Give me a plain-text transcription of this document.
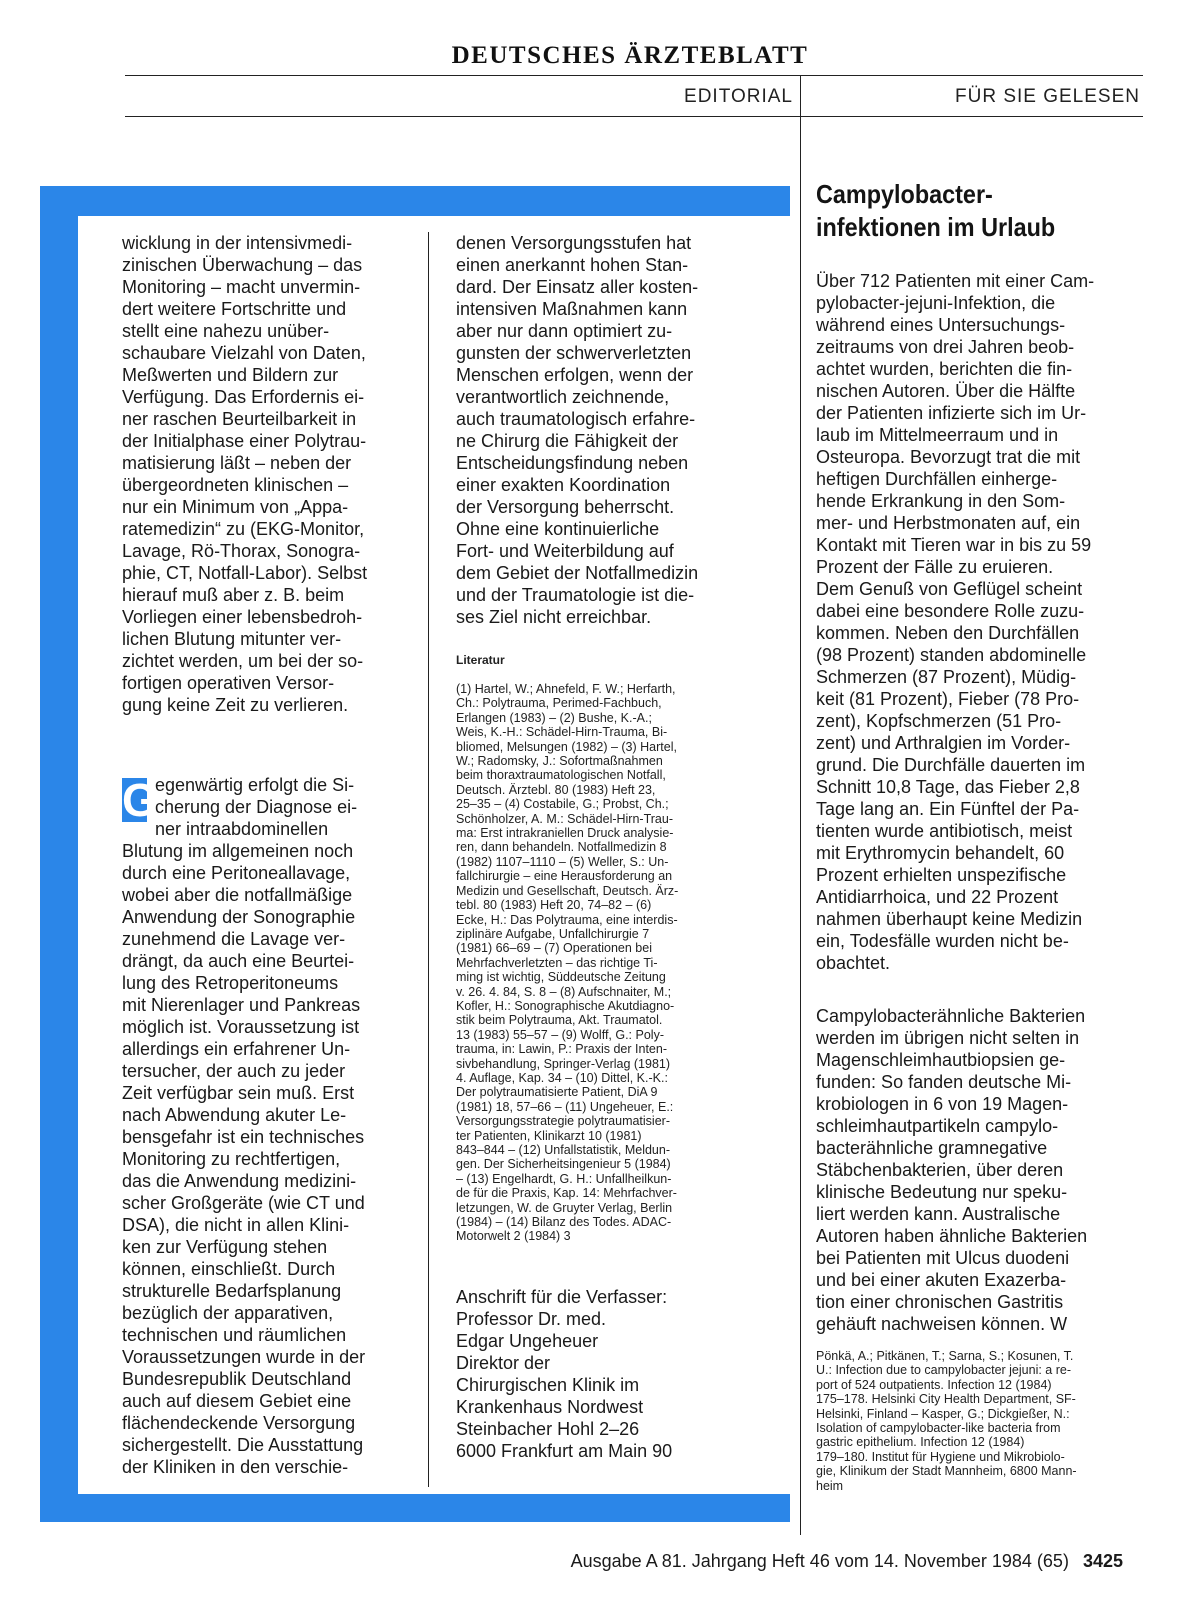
DEUTSCHES ÄRZTEBLATT
EDITORIAL	FÜR SIE GELESEN
wicklung in der intensivmedi-
zinischen Überwachung – das
Monitoring – macht unvermin-
dert weitere Fortschritte und
stellt eine nahezu unüber-
schaubare Vielzahl von Daten,
Meßwerten und Bildern zur
Verfügung. Das Erfordernis ei-
ner raschen Beurteilbarkeit in
der Initialphase einer Polytrau-
matisierung läßt – neben der
übergeordneten klinischen –
nur ein Minimum von „Appa-
ratemedizin“ zu (EKG-Monitor,
Lavage, Rö-Thorax, Sonogra-
phie, CT, Notfall-Labor). Selbst
hierauf muß aber z. B. beim
Vorliegen einer lebensbedroh-
lichen Blutung mitunter ver-
zichtet werden, um bei der so-
fortigen operativen Versor-
gung keine Zeit zu verlieren.

G
egenwärtig erfolgt die Si-
cherung der Diagnose ei-
ner intraabdominellen
Blutung im allgemeinen noch
durch eine Peritoneallavage,
wobei aber die notfallmäßige
Anwendung der Sonographie
zunehmend die Lavage ver-
drängt, da auch eine Beurtei-
lung des Retroperitoneums
mit Nierenlager und Pankreas
möglich ist. Voraussetzung ist
allerdings ein erfahrener Un-
tersucher, der auch zu jeder
Zeit verfügbar sein muß. Erst
nach Abwendung akuter Le-
bensgefahr ist ein technisches
Monitoring zu rechtfertigen,
das die Anwendung medizini-
scher Großgeräte (wie CT und
DSA), die nicht in allen Klini-
ken zur Verfügung stehen
können, einschließt. Durch
strukturelle Bedarfsplanung
bezüglich der apparativen,
technischen und räumlichen
Voraussetzungen wurde in der
Bundesrepublik Deutschland
auch auf diesem Gebiet eine
flächendeckende Versorgung
sichergestellt. Die Ausstattung
der Kliniken in den verschie-

denen Versorgungsstufen hat
einen anerkannt hohen Stan-
dard. Der Einsatz aller kosten-
intensiven Maßnahmen kann
aber nur dann optimiert zu-
gunsten der schwerverletzten
Menschen erfolgen, wenn der
verantwortlich zeichnende,
auch traumatologisch erfahre-
ne Chirurg die Fähigkeit der
Entscheidungsfindung neben
einer exakten Koordination
der Versorgung beherrscht.
Ohne eine kontinuierliche
Fort- und Weiterbildung auf
dem Gebiet der Notfallmedizin
und der Traumatologie ist die-
ses Ziel nicht erreichbar.
Literatur
(1) Hartel, W.; Ahnefeld, F. W.; Herfarth,
Ch.: Polytrauma, Perimed-Fachbuch,
Erlangen (1983) – (2) Bushe, K.-A.;
Weis, K.-H.: Schädel-Hirn-Trauma, Bi-
bliomed, Melsungen (1982) – (3) Hartel,
W.; Radomsky, J.: Sofortmaßnahmen
beim thoraxtraumatologischen Notfall,
Deutsch. Ärztebl. 80 (1983) Heft 23,
25–35 – (4) Costabile, G.; Probst, Ch.;
Schönholzer, A. M.: Schädel-Hirn-Trau-
ma: Erst intrakraniellen Druck analysie-
ren, dann behandeln. Notfallmedizin 8
(1982) 1107–1110 – (5) Weller, S.: Un-
fallchirurgie – eine Herausforderung an
Medizin und Gesellschaft, Deutsch. Ärz-
tebl. 80 (1983) Heft 20, 74–82 – (6)
Ecke, H.: Das Polytrauma, eine interdis-
ziplinäre Aufgabe, Unfallchirurgie 7
(1981) 66–69 – (7) Operationen bei
Mehrfachverletzten – das richtige Ti-
ming ist wichtig, Süddeutsche Zeitung
v. 26. 4. 84, S. 8 – (8) Aufschnaiter, M.;
Kofler, H.: Sonographische Akutdiagno-
stik beim Polytrauma, Akt. Traumatol.
13 (1983) 55–57 – (9) Wolff, G.: Poly-
trauma, in: Lawin, P.: Praxis der Inten-
sivbehandlung, Springer-Verlag (1981)
4. Auflage, Kap. 34 – (10) Dittel, K.-K.:
Der polytraumatisierte Patient, DiA 9
(1981) 18, 57–66 – (11) Ungeheuer, E.:
Versorgungsstrategie polytraumatisier-
ter Patienten, Klinikarzt 10 (1981)
843–844 – (12) Unfallstatistik, Meldun-
gen. Der Sicherheitsingenieur 5 (1984)
– (13) Engelhardt, G. H.: Unfallheilkun-
de für die Praxis, Kap. 14: Mehrfachver-
letzungen, W. de Gruyter Verlag, Berlin
(1984) – (14) Bilanz des Todes. ADAC-
Motorwelt 2 (1984) 3
Anschrift für die Verfasser:
Professor Dr. med.
Edgar Ungeheuer
Direktor der
Chirurgischen Klinik im
Krankenhaus Nordwest
Steinbacher Hohl 2–26
6000 Frankfurt am Main 90
Campylobacter-
infektionen im Urlaub
Über 712 Patienten mit einer Cam-
pylobacter-jejuni-Infektion, die
während eines Untersuchungs-
zeitraums von drei Jahren beob-
achtet wurden, berichten die fin-
nischen Autoren. Über die Hälfte
der Patienten infizierte sich im Ur-
laub im Mittelmeerraum und in
Osteuropa. Bevorzugt trat die mit
heftigen Durchfällen einherge-
hende Erkrankung in den Som-
mer- und Herbstmonaten auf, ein
Kontakt mit Tieren war in bis zu 59
Prozent der Fälle zu eruieren.
Dem Genuß von Geflügel scheint
dabei eine besondere Rolle zuzu-
kommen. Neben den Durchfällen
(98 Prozent) standen abdominelle
Schmerzen (87 Prozent), Müdig-
keit (81 Prozent), Fieber (78 Pro-
zent), Kopfschmerzen (51 Pro-
zent) und Arthralgien im Vorder-
grund. Die Durchfälle dauerten im
Schnitt 10,8 Tage, das Fieber 2,8
Tage lang an. Ein Fünftel der Pa-
tienten wurde antibiotisch, meist
mit Erythromycin behandelt, 60
Prozent erhielten unspezifische
Antidiarrhoica, und 22 Prozent
nahmen überhaupt keine Medizin
ein, Todesfälle wurden nicht be-
obachtet.
Campylobacterähnliche Bakterien
werden im übrigen nicht selten in
Magenschleimhautbiopsien ge-
funden: So fanden deutsche Mi-
krobiologen in 6 von 19 Magen-
schleimhautpartikeln campylo-
bacterähnliche gramnegative
Stäbchenbakterien, über deren
klinische Bedeutung nur speku-
liert werden kann. Australische
Autoren haben ähnliche Bakterien
bei Patienten mit Ulcus duodeni
und bei einer akuten Exazerba-
tion einer chronischen Gastritis
gehäuft nachweisen können. W
Pönkä, A.; Pitkänen, T.; Sarna, S.; Kosunen, T.
U.: Infection due to campylobacter jejuni: a re-
port of 524 outpatients. Infection 12 (1984)
175–178. Helsinki City Health Department, SF-
Helsinki, Finland – Kasper, G.; Dickgießer, N.:
Isolation of campylobacter-like bacteria from
gastric epithelium. Infection 12 (1984)
179–180. Institut für Hygiene und Mikrobiolo-
gie, Klinikum der Stadt Mannheim, 6800 Mann-
heim
Ausgabe A 81. Jahrgang Heft 46 vom 14. November 1984 (65) 3425
